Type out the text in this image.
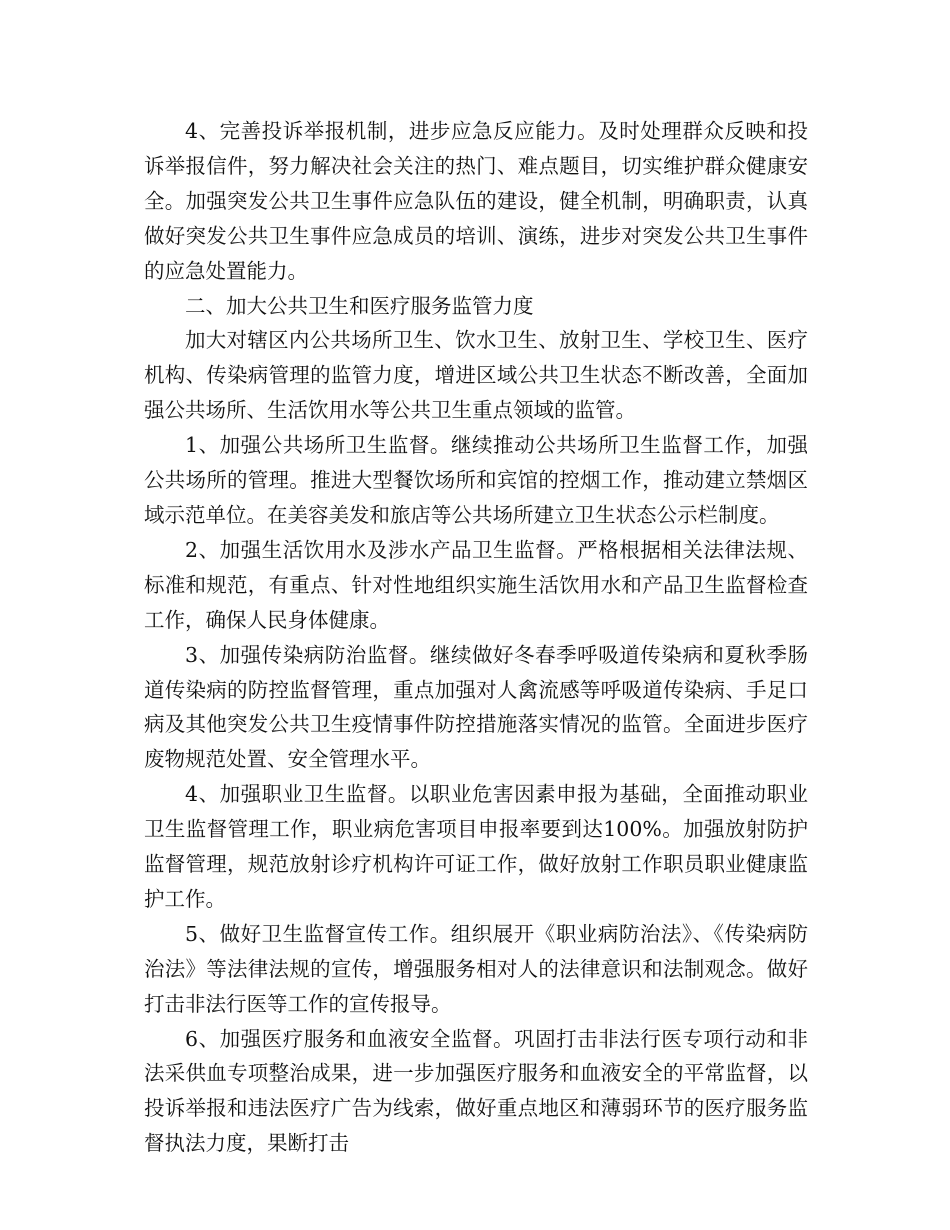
4、完善投诉举报机制，进步应急反应能力。及时处理群众反映和投诉举报信件，努力解决社会关注的热门、难点题目，切实维护群众健康安全。加强突发公共卫生事件应急队伍的建设，健全机制，明确职责，认真做好突发公共卫生事件应急成员的培训、演练，进步对突发公共卫生事件的应急处置能力。

二、加大公共卫生和医疗服务监管力度

加大对辖区内公共场所卫生、饮水卫生、放射卫生、学校卫生、医疗机构、传染病管理的监管力度，增进区域公共卫生状态不断改善，全面加强公共场所、生活饮用水等公共卫生重点领域的监管。

1、加强公共场所卫生监督。继续推动公共场所卫生监督工作，加强公共场所的管理。推进大型餐饮场所和宾馆的控烟工作，推动建立禁烟区域示范单位。在美容美发和旅店等公共场所建立卫生状态公示栏制度。

2、加强生活饮用水及涉水产品卫生监督。严格根据相关法律法规、标准和规范，有重点、针对性地组织实施生活饮用水和产品卫生监督检查工作，确保人民身体健康。

3、加强传染病防治监督。继续做好冬春季呼吸道传染病和夏秋季肠道传染病的防控监督管理，重点加强对人禽流感等呼吸道传染病、手足口病及其他突发公共卫生疫情事件防控措施落实情况的监管。全面进步医疗废物规范处置、安全管理水平。

4、加强职业卫生监督。以职业危害因素申报为基础，全面推动职业卫生监督管理工作，职业病危害项目申报率要到达100%。加强放射防护监督管理，规范放射诊疗机构许可证工作，做好放射工作职员职业健康监护工作。

5、做好卫生监督宣传工作。组织展开《职业病防治法》、《传染病防治法》等法律法规的宣传，增强服务相对人的法律意识和法制观念。做好打击非法行医等工作的宣传报导。

6、加强医疗服务和血液安全监督。巩固打击非法行医专项行动和非法采供血专项整治成果，进一步加强医疗服务和血液安全的平常监督，以投诉举报和违法医疗广告为线索，做好重点地区和薄弱环节的医疗服务监督执法力度，果断打击
